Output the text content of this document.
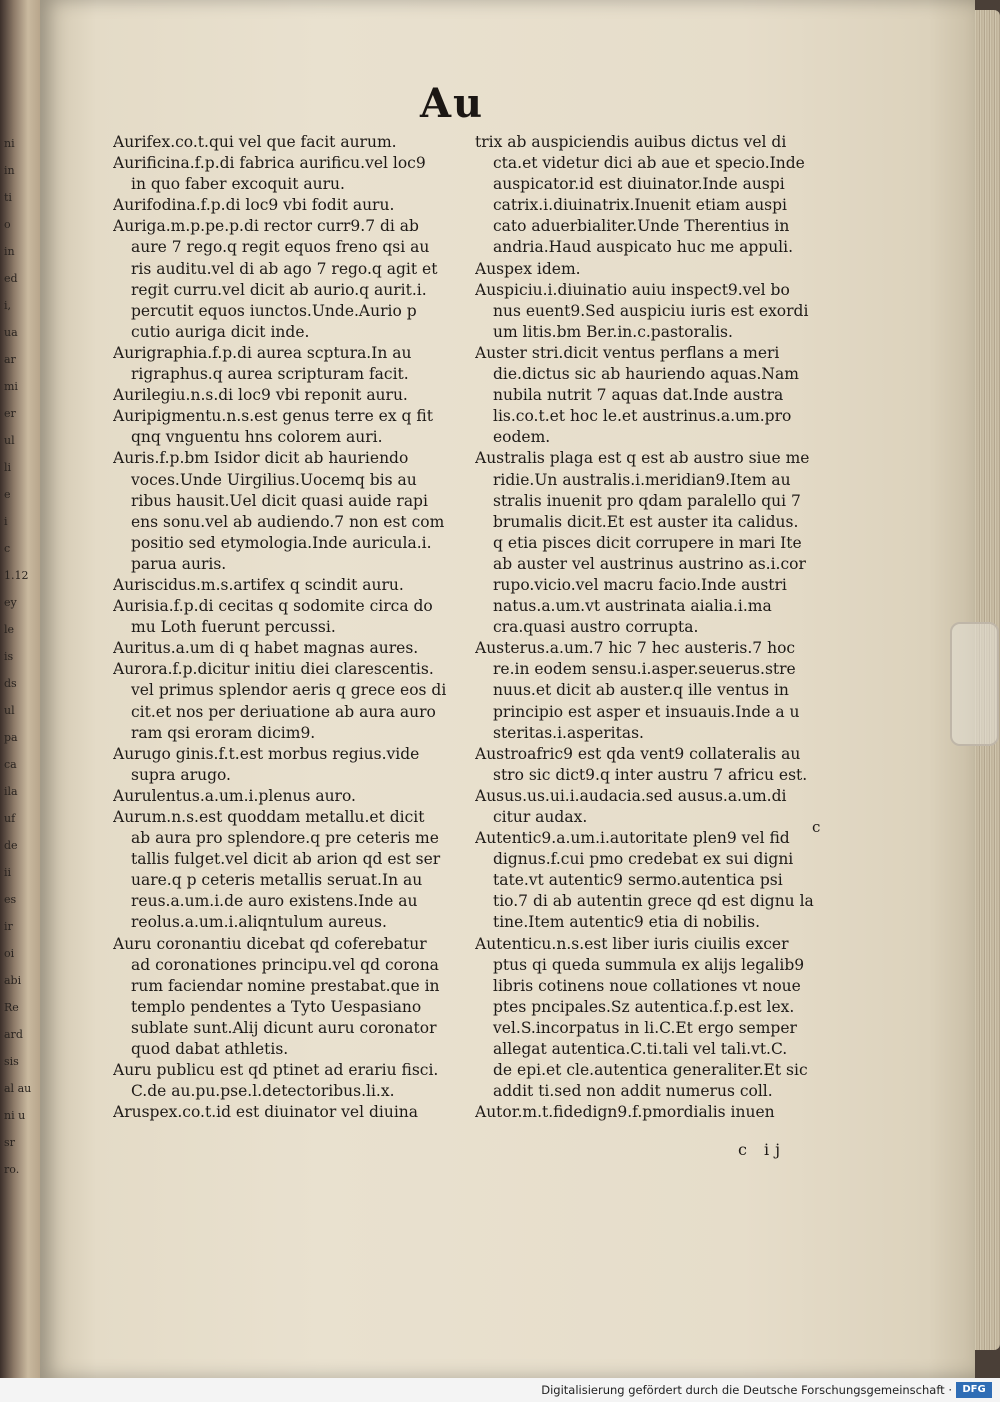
ni
in
ti
o
in
ed
i,
ua
ar
mi
er
ul
li
e
i
c
1.12
ey
le
is
ds
ul
pa
ca
ila
uf
de
ii
es
ir
oi
abi
Re
ard
sis
al au
ni u
sr
ro.
Au
Aurifex.co.t.qui vel que facit aurum.
Aurificina.f.p.di fabrica aurificu.vel loc9
in quo faber excoquit auru.
Aurifodina.f.p.di loc9 vbi fodit auru.
Auriga.m.p.pe.p.di rector curr9.7 di ab
aure 7 rego.q regit equos freno qsi au
ris auditu.vel di ab ago 7 rego.q agit et
regit curru.vel dicit ab aurio.q aurit.i.
percutit equos iunctos.Unde.Aurio p
cutio auriga dicit inde.
Aurigraphia.f.p.di aurea scptura.In au
rigraphus.q aurea scripturam facit.
Aurilegiu.n.s.di loc9 vbi reponit auru.
Auripigmentu.n.s.est genus terre ex q fit
qnq vnguentu hns colorem auri.
Auris.f.p.bm Isidor dicit ab hauriendo
voces.Unde Uirgilius.Uocemq bis au
ribus hausit.Uel dicit quasi auide rapi
ens sonu.vel ab audiendo.7 non est com
positio sed etymologia.Inde auricula.i.
parua auris.
Auriscidus.m.s.artifex q scindit auru.
Aurisia.f.p.di cecitas q sodomite circa do
mu Loth fuerunt percussi.
Auritus.a.um di q habet magnas aures.
Aurora.f.p.dicitur initiu diei clarescentis.
vel primus splendor aeris q grece eos di
cit.et nos per deriuatione ab aura auro
ram qsi eroram dicim9.
Aurugo ginis.f.t.est morbus regius.vide
supra arugo.
Aurulentus.a.um.i.plenus auro.
Aurum.n.s.est quoddam metallu.et dicit
ab aura pro splendore.q pre ceteris me
tallis fulget.vel dicit ab arion qd est ser
uare.q p ceteris metallis seruat.In au
reus.a.um.i.de auro existens.Inde au
reolus.a.um.i.aliqntulum aureus.
Auru coronantiu dicebat qd coferebatur
ad coronationes principu.vel qd corona
rum faciendar nomine prestabat.que in
templo pendentes a Tyto Uespasiano
sublate sunt.Alij dicunt auru coronator
quod dabat athletis.
Auru publicu est qd ptinet ad erariu fisci.
C.de au.pu.pse.l.detectoribus.li.x.
Aruspex.co.t.id est diuinator vel diuina
trix ab auspiciendis auibus dictus vel di
cta.et videtur dici ab aue et specio.Inde
auspicator.id est diuinator.Inde auspi
catrix.i.diuinatrix.Inuenit etiam auspi
cato aduerbialiter.Unde Therentius in
andria.Haud auspicato huc me appuli.
Auspex idem.
Auspiciu.i.diuinatio auiu inspect9.vel bo
nus euent9.Sed auspiciu iuris est exordi
um litis.bm Ber.in.c.pastoralis.
Auster stri.dicit ventus perflans a meri
die.dictus sic ab hauriendo aquas.Nam
nubila nutrit 7 aquas dat.Inde austra
lis.co.t.et hoc le.et austrinus.a.um.pro
eodem.
Australis plaga est q est ab austro siue me
ridie.Un australis.i.meridian9.Item au
stralis inuenit pro qdam paralello qui 7
brumalis dicit.Et est auster ita calidus.
q etia pisces dicit corrupere in mari Ite
ab auster vel austrinus austrino as.i.cor
rupo.vicio.vel macru facio.Inde austri
natus.a.um.vt austrinata aialia.i.ma
cra.quasi austro corrupta.
Austerus.a.um.7 hic 7 hec austeris.7 hoc
re.in eodem sensu.i.asper.seuerus.stre
nuus.et dicit ab auster.q ille ventus in
principio est asper et insuauis.Inde a u
steritas.i.asperitas.
Austroafric9 est qda vent9 collateralis au
stro sic dict9.q inter austru 7 africu est.
Ausus.us.ui.i.audacia.sed ausus.a.um.di
citur audax.
Autentic9.a.um.i.autoritate plen9 vel fid
dignus.f.cui pmo credebat ex sui digni
tate.vt autentic9 sermo.autentica psi
tio.7 di ab autentin grece qd est dignu la
tine.Item autentic9 etia di nobilis.
Autenticu.n.s.est liber iuris ciuilis excer
ptus qi queda summula ex alijs legalib9
libris cotinens noue collationes vt noue
ptes pncipales.Sz autentica.f.p.est lex.
vel.S.incorpatus in li.C.Et ergo semper
allegat autentica.C.ti.tali vel tali.vt.C.
de epi.et cle.autentica generaliter.Et sic
addit ti.sed non addit numerus coll.
Autor.m.t.fidedign9.f.pmordialis inuen
c
c ij
Digitalisierung gefördert durch die Deutsche Forschungsgemeinschaft ·	DFG
